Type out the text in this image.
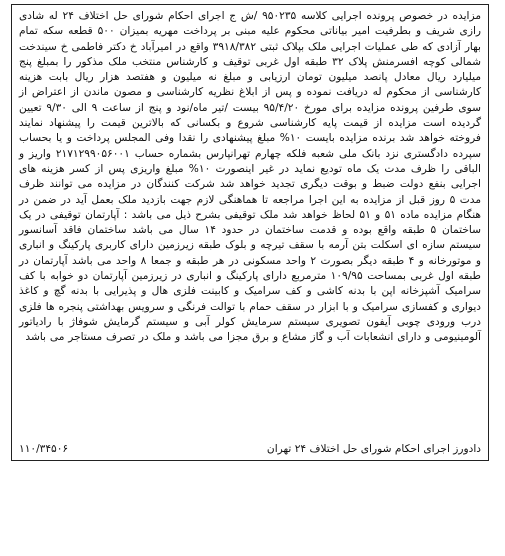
مزایده در خصوص پرونده اجرایی کلاسه ۹۵۰۲۳۵ /ش ج اجرای احکام شورای حل اختلاف ۲۴ له شادی رازی شریف و بطرفیت امیر بیاناتی محکوم علیه مبنی بر پرداخت مهریه بمیزان ۵۰۰ قطعه سکه تمام بهار آزادی که طی عملیات اجرایی ملک بپلاک ثبتی ۳۹۱۸/۳۸۲ واقع در امیرآباد خ دکتر فاطمی خ سیندخت شمالی کوچه افسرمنش پلاک ۳۲ طبقه اول غربی توقیف و کارشناس منتخب ملک مذکور را بمبلغ پنج میلیارد ریال معادل پانصد میلیون تومان ارزیابی و مبلغ نه میلیون و هفتصد هزار ریال بابت هزینه کارشناسی از محکوم له دریافت نموده و پس از ابلاغ نظریه کارشناسی و مصون ماندن از اعتراض از سوی طرفین پرونده مزایده برای مورخ ۹۵/۴/۲۰ بیست /تیر ماه/نود و پنج از ساعت ۹ الی ۹/۳۰ تعیین گردیده است مزایده از قیمت پایه کارشناسی شروع و بکسانی که بالاترین قیمت را پیشنهاد نمایند فروخته خواهد شد برنده مزایده بایست ۱۰% مبلغ پیشنهادی را نقدا وفی المجلس پرداخت و یا بحساب سپرده دادگستری نزد بانک ملی شعبه فلکه چهارم تهرانپارس بشماره حساب ۲۱۷۱۲۹۹۰۵۶۰۰۱ واریز و الباقی را ظرف مدت یک ماه تودیع نماید در غیر اینصورت ۱۰% مبلغ واریزی پس از کسر هزینه های اجرایی بنفع دولت ضبط و بوقت دیگری تجدید خواهد شد شرکت کنندگان در مزایده می توانند ظرف مدت ۵ روز قبل از مزایده به این اجرا مراجعه تا هماهنگی لازم جهت بازدید ملک بعمل آید در ضمن در هنگام مزایده ماده ۵۱ و ۵۱ لحاظ خواهد شد ملک توقیفی بشرح ذیل می باشد : آپارتمان توقیفی در یک ساختمان ۵ طبقه واقع بوده و قدمت ساختمان در حدود ۱۴ سال می باشد ساختمان فاقد آسانسور سیستم سازه ای اسکلت بتن آرمه با سقف تیرچه و بلوک طبقه زیرزمین دارای کاربری پارکینگ و انباری و موتورخانه و ۴ طبقه دیگر بصورت ۲ واحد مسکونی در هر طبقه و جمعا ۸ واحد می باشد آپارتمان در طبقه اول غربی بمساحت ۱۰۹/۹۵ مترمربع دارای پارکینگ و انباری در زیرزمین آپارتمان دو خوابه با کف سرامیک آشپزخانه اپن با بدنه کاشی و کف سرامیک و کابینت فلزی هال و پذیرایی با بدنه گچ و کاغذ دیواری و کفسازی سرامیک و با ابزار در سقف حمام با توالت فرنگی و سرویس بهداشتی پنجره ها فلزی درب ورودی چوبی آیفون تصویری سیستم سرمایش کولر آبی و سیستم گرمایش شوفاژ با رادیاتور آلومینیومی و دارای انشعابات آب و گاز مشاع و برق مجزا می باشد و ملک در تصرف مستاجر می باشد

دادورز اجرای احکام شورای حل اختلاف ۲۴ تهران
۱۱۰/۳۴۵۰۶
